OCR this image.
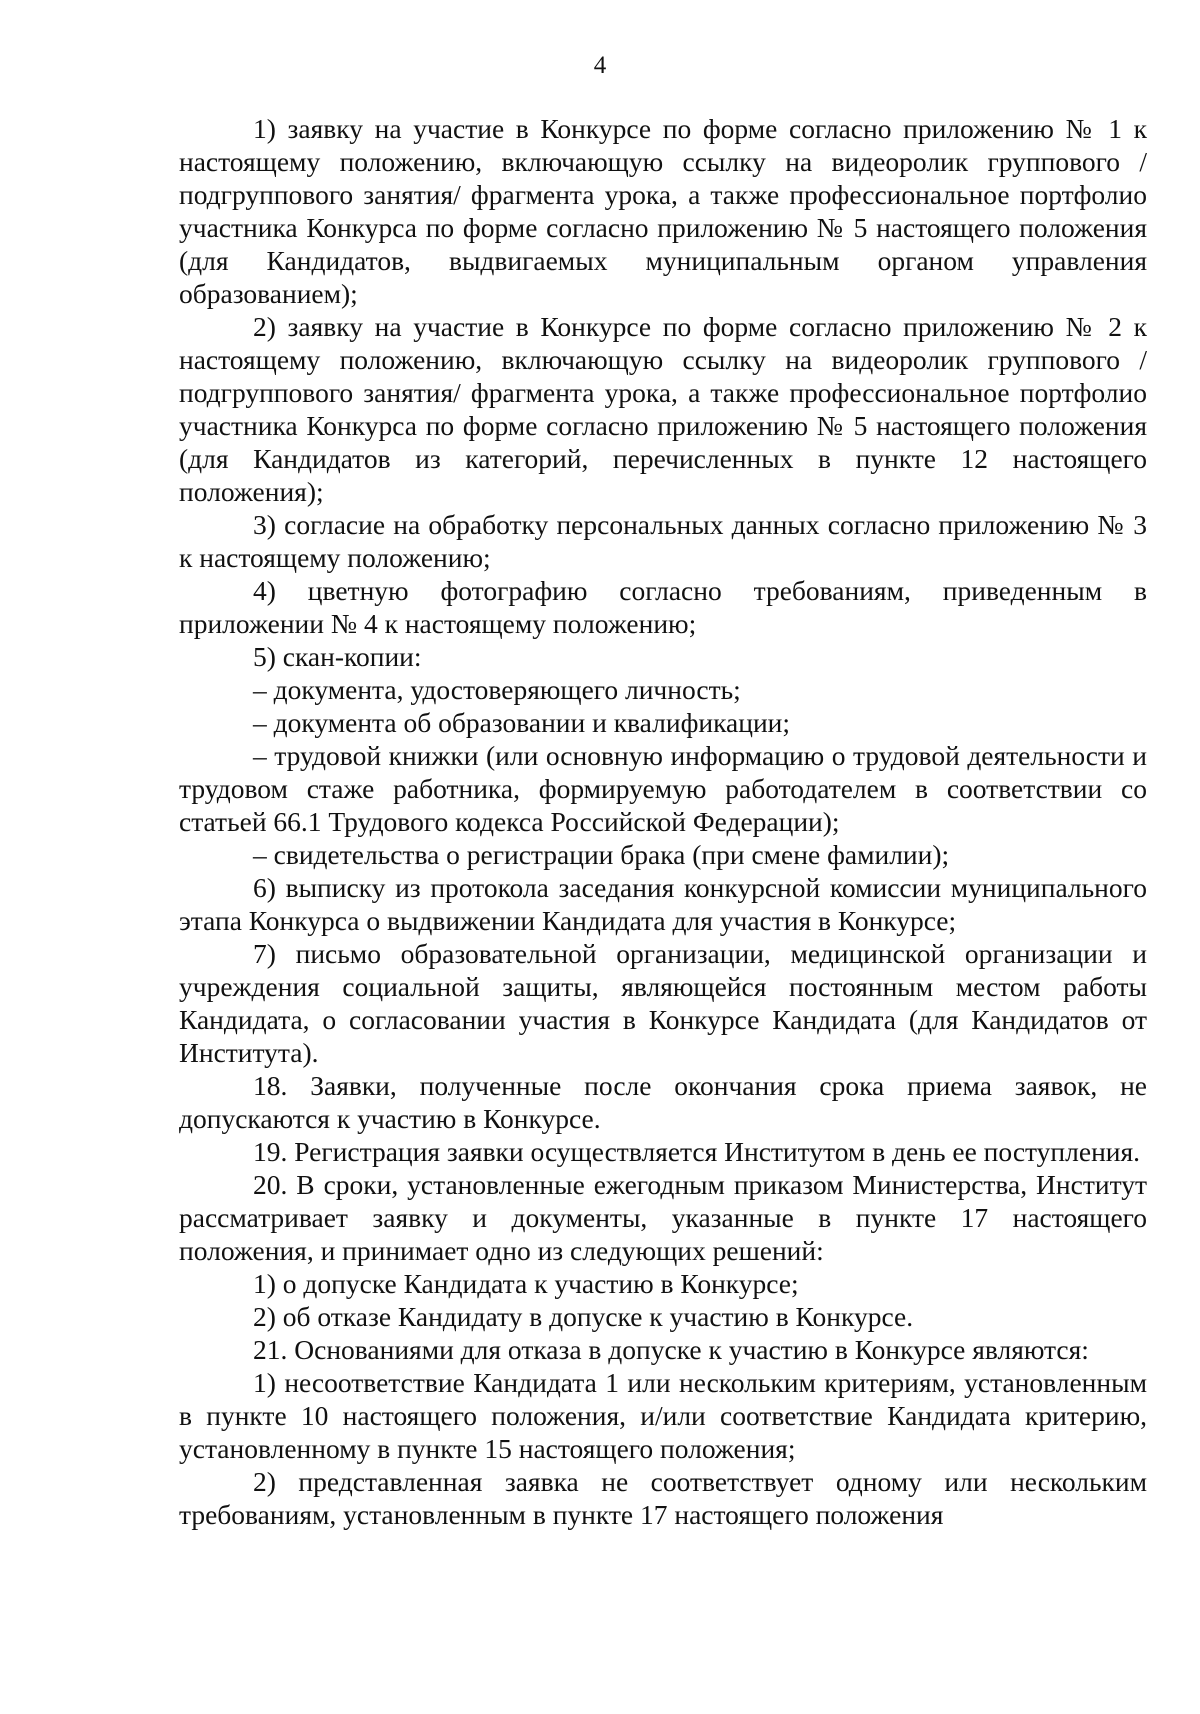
4

1) заявку на участие в Конкурсе по форме согласно приложению № 1 к настоящему положению, включающую ссылку на видеоролик группового / подгруппового занятия/ фрагмента урока, а также профессиональное портфолио участника Конкурса по форме согласно приложению № 5 настоящего положения (для Кандидатов, выдвигаемых муниципальным органом управления образованием);

2) заявку на участие в Конкурсе по форме согласно приложению № 2 к настоящему положению, включающую ссылку на видеоролик группового / подгруппового занятия/ фрагмента урока, а также профессиональное портфолио участника Конкурса по форме согласно приложению № 5 настоящего положения (для Кандидатов из категорий, перечисленных в пункте 12 настоящего положения);

3) согласие на обработку персональных данных согласно приложению № 3 к настоящему положению;

4) цветную фотографию согласно требованиям, приведенным в приложении № 4 к настоящему положению;

5) скан-копии:

– документа, удостоверяющего личность;

– документа об образовании и квалификации;

– трудовой книжки (или основную информацию о трудовой деятельности и трудовом стаже работника, формируемую работодателем в соответствии со статьей 66.1 Трудового кодекса Российской Федерации);

– свидетельства о регистрации брака (при смене фамилии);

6) выписку из протокола заседания конкурсной комиссии муниципального этапа Конкурса о выдвижении Кандидата для участия в Конкурсе;

7) письмо образовательной организации, медицинской организации и учреждения социальной защиты, являющейся постоянным местом работы Кандидата, о согласовании участия в Конкурсе Кандидата (для Кандидатов от Института).

18. Заявки, полученные после окончания срока приема заявок, не допускаются к участию в Конкурсе.

19. Регистрация заявки осуществляется Институтом в день ее поступления.

20. В сроки, установленные ежегодным приказом Министерства, Институт рассматривает заявку и документы, указанные в пункте 17 настоящего положения, и принимает одно из следующих решений:

1) о допуске Кандидата к участию в Конкурсе;

2) об отказе Кандидату в допуске к участию в Конкурсе.

21. Основаниями для отказа в допуске к участию в Конкурсе являются:

1) несоответствие Кандидата 1 или нескольким критериям, установленным в пункте 10 настоящего положения, и/или соответствие Кандидата критерию, установленному в пункте 15 настоящего положения;

2) представленная заявка не соответствует одному или нескольким требованиям, установленным в пункте 17 настоящего положения
